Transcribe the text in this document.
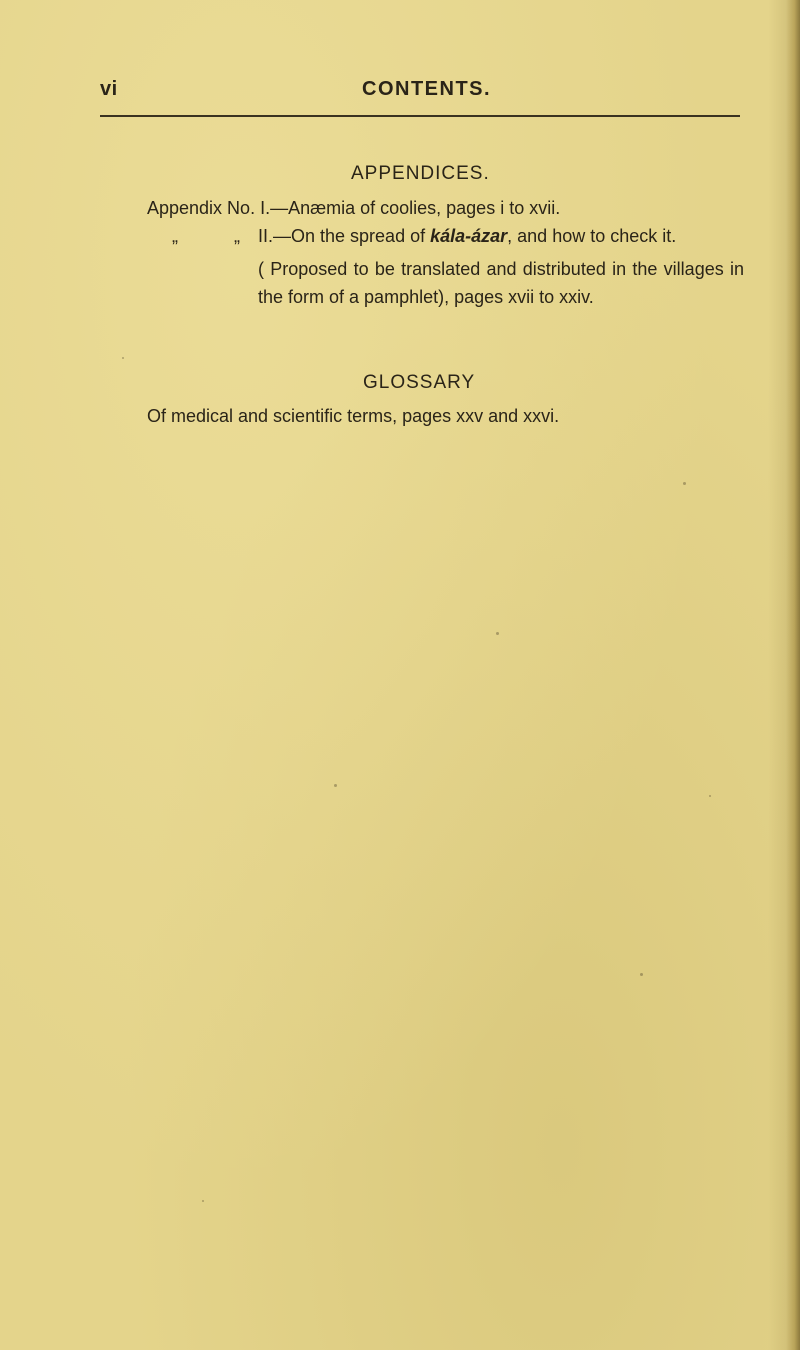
vi	CONTENTS.
APPENDICES.
Appendix No. I.—Anæmia of coolies, pages i to xvii.
„	„ II.—On the spread of kála-ázar, and how to check it.
( Proposed to be translated and distributed in the villages in the form of a pamphlet), pages xvii to xxiv.
GLOSSARY
Of medical and scientific terms, pages xxv and xxvi.
